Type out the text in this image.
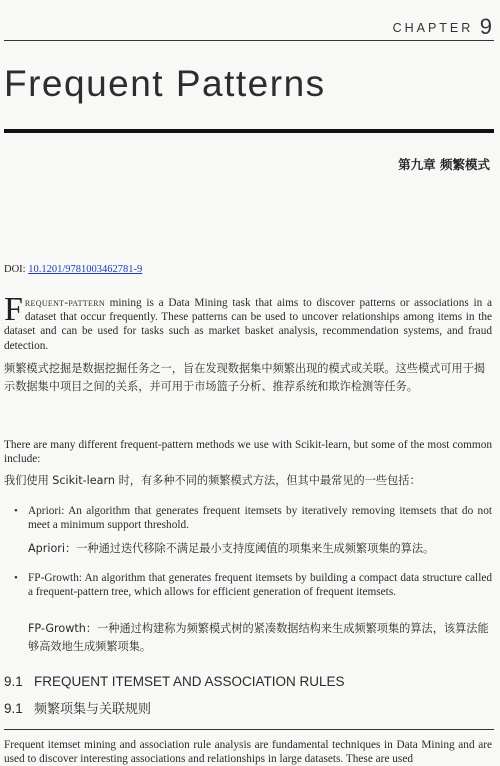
CHAPTER 9
Frequent Patterns
第九章 频繁模式
DOI: 10.1201/9781003462781-9

Frequent-pattern mining is a Data Mining task that aims to discover patterns or associations in a dataset that occur frequently. These patterns can be used to uncover relationships among items in the dataset and can be used for tasks such as market basket analysis, recommendation systems, and fraud detection.

频繁模式挖掘是数据挖掘任务之一，旨在发现数据集中频繁出现的模式或关联。这些模式可用于揭示数据集中项目之间的关系，并可用于市场篮子分析、推荐系统和欺诈检测等任务。

There are many different frequent-pattern methods we use with Scikit-learn, but some of the most common include:

我们使用 Scikit-learn 时，有多种不同的频繁模式方法，但其中最常见的一些包括：

• Apriori: An algorithm that generates frequent itemsets by iteratively removing itemsets that do not meet a minimum support threshold.

Apriori：一种通过迭代移除不满足最小支持度阈值的项集来生成频繁项集的算法。

• FP-Growth: An algorithm that generates frequent itemsets by building a compact data structure called a frequent-pattern tree, which allows for efficient generation of frequent itemsets.

FP-Growth：一种通过构建称为频繁模式树的紧凑数据结构来生成频繁项集的算法，该算法能够高效地生成频繁项集。

9.1 FREQUENT ITEMSET AND ASSOCIATION RULES
9.1 频繁项集与关联规则

Frequent itemset mining and association rule analysis are fundamental techniques in Data Mining and are used to discover interesting associations and relationships in large datasets. These are used
